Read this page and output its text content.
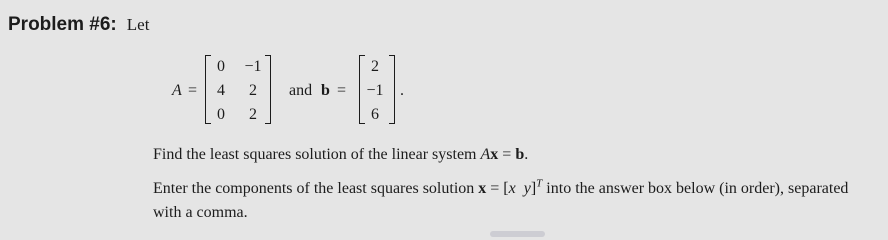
Problem #6: Let
A =
0	−1
4	2
0	2
and b =
2
−1
6
.
Find the least squares solution of the linear system Ax = b.
Enter the components of the least squares solution x = [x y]$^T$ into the answer box below (in order), separated
with a comma.
